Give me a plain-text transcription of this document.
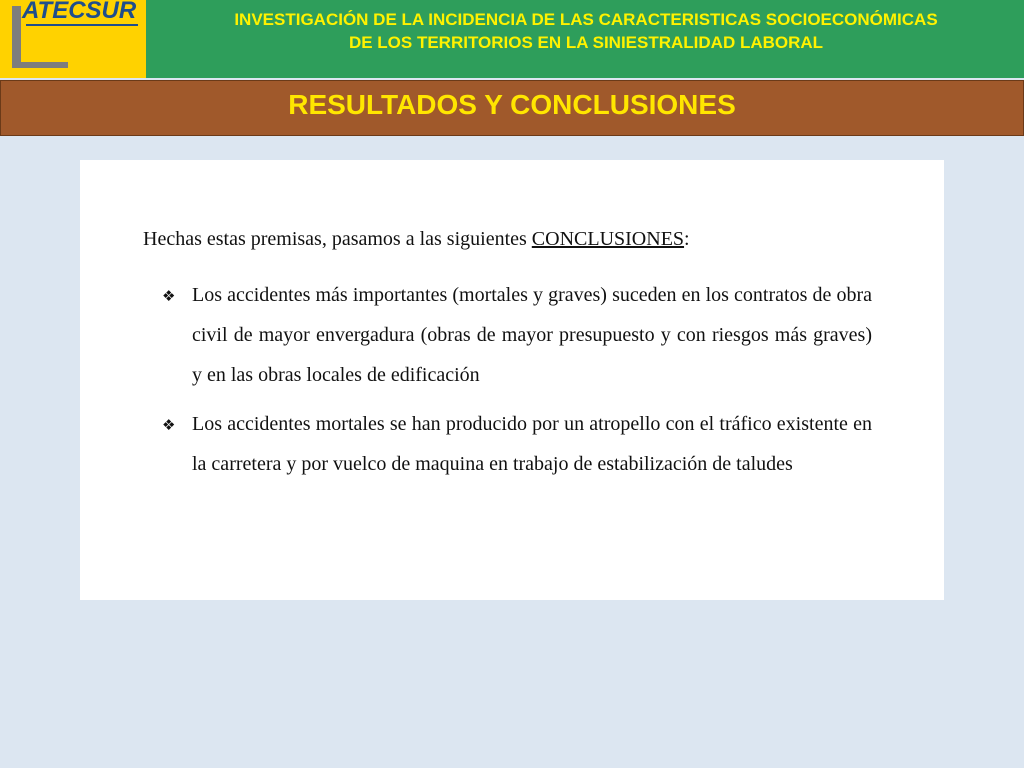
ATECSUR	INVESTIGACIÓN DE LA INCIDENCIA DE LAS CARACTERISTICAS SOCIOECONÓMICAS
DE LOS TERRITORIOS EN LA SINIESTRALIDAD LABORAL
RESULTADOS Y CONCLUSIONES
Hechas estas premisas, pasamos a las siguientes CONCLUSIONES:
❖ Los accidentes más importantes (mortales y graves) suceden en los contratos de obra civil de mayor envergadura (obras de mayor presupuesto y con riesgos más graves) y en las obras locales de edificación
❖ Los accidentes mortales se han producido por un atropello con el tráfico existente en la carretera y por vuelco de maquina en trabajo de estabilización de taludes
